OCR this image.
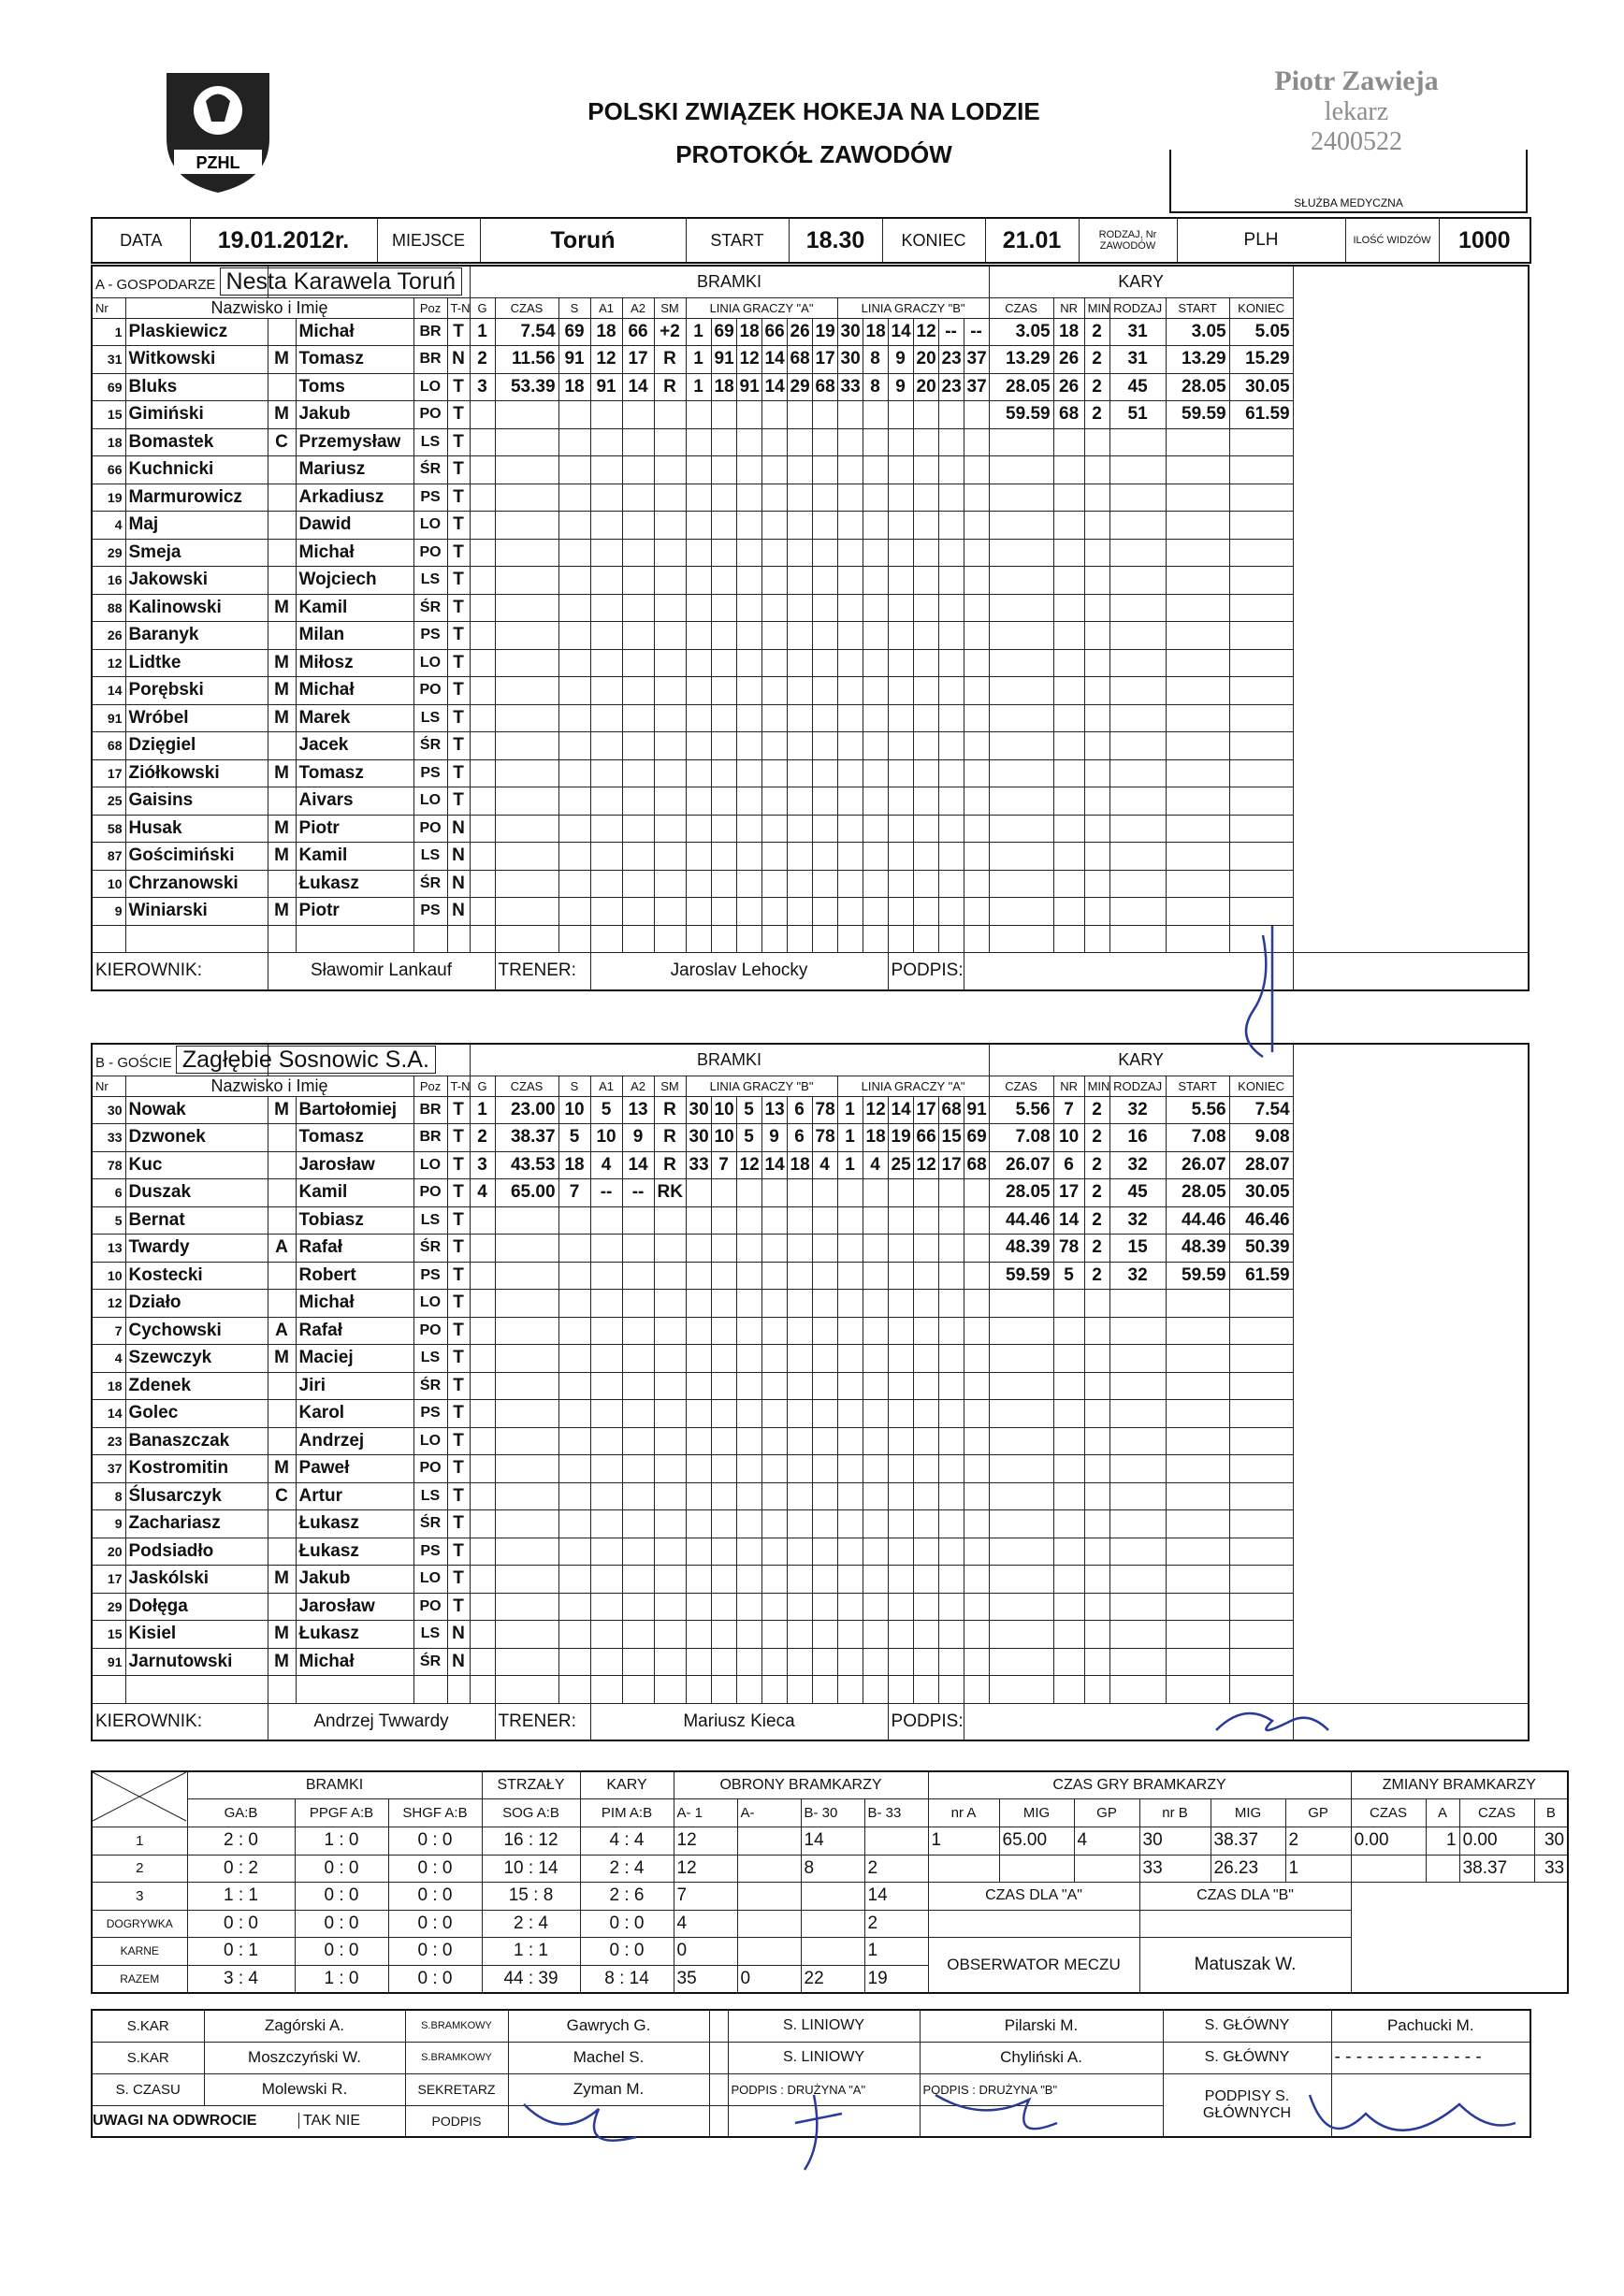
PZHL
POLSKI ZWIĄZEK HOKEJA NA LODZIE
PROTOKÓŁ ZAWODÓW
Piotr Zawieja
lekarz
2400522
SŁUŻBA MEDYCZNA
DATA	19.01.2012r.	MIEJSCE	Toruń	START	18.30	KONIEC	21.01	RODZAJ, Nr ZAWODÓW	PLH	ILOŚĆ WIDZÓW	1000
A - GOSPODARZE Nesta Karawela Toruń						BRAMKI																		KARY						
Nr	Nazwisko i Imię			Poz	T-N	G	CZAS	S	A1	A2	SM	LINIA GRACZY "A"						LINIA GRACZY "B"						CZAS	NR	MIN	RODZAJ	START	KONIEC	
1	Plaskiewicz		Michał	BR	T	1	7.54	69	18	66	+2	1	69	18	66	26	19	30	18	14	12	--	--	3.05	18	2	31	3.05	5.05	
31	Witkowski	M	Tomasz	BR	N	2	11.56	91	12	17	R	1	91	12	14	68	17	30	8	9	20	23	37	13.29	26	2	31	13.29	15.29	
69	Bluks		Toms	LO	T	3	53.39	18	91	14	R	1	18	91	14	29	68	33	8	9	20	23	37	28.05	26	2	45	28.05	30.05	
15	Gimiński	M	Jakub	PO	T																			59.59	68	2	51	59.59	61.59	
18	Bomastek	C	Przemysław	LS	T																									
66	Kuchnicki		Mariusz	ŚR	T																									
19	Marmurowicz		Arkadiusz	PS	T																									
4	Maj		Dawid	LO	T																									
29	Smeja		Michał	PO	T																									
16	Jakowski		Wojciech	LS	T																									
88	Kalinowski	M	Kamil	ŚR	T																									
26	Baranyk		Milan	PS	T																									
12	Lidtke	M	Miłosz	LO	T																									
14	Porębski	M	Michał	PO	T																									
91	Wróbel	M	Marek	LS	T																									
68	Dzięgiel		Jacek	ŚR	T																									
17	Ziółkowski	M	Tomasz	PS	T																									
25	Gaisins		Aivars	LO	T																									
58	Husak	M	Piotr	PO	N																									
87	Gościmiński	M	Kamil	LS	N																									
10	Chrzanowski		Łukasz	ŚR	N																									
9	Winiarski	M	Piotr	PS	N																									

KIEROWNIK:		Sławomir Lankauf					TRENER:		Jaroslav Lehocky											PODPIS:										
B - GOŚCIE Zagłębie Sosnowic S.A.						BRAMKI																		KARY						
Nr	Nazwisko i Imię			Poz	T-N	G	CZAS	S	A1	A2	SM	LINIA GRACZY "B"						LINIA GRACZY "A"						CZAS	NR	MIN	RODZAJ	START	KONIEC	
30	Nowak	M	Bartołomiej	BR	T	1	23.00	10	5	13	R	30	10	5	13	6	78	1	12	14	17	68	91	5.56	7	2	32	5.56	7.54	
33	Dzwonek		Tomasz	BR	T	2	38.37	5	10	9	R	30	10	5	9	6	78	1	18	19	66	15	69	7.08	10	2	16	7.08	9.08	
78	Kuc		Jarosław	LO	T	3	43.53	18	4	14	R	33	7	12	14	18	4	1	4	25	12	17	68	26.07	6	2	32	26.07	28.07	
6	Duszak		Kamil	PO	T	4	65.00	7	--	--	RK													28.05	17	2	45	28.05	30.05	
5	Bernat		Tobiasz	LS	T																			44.46	14	2	32	44.46	46.46	
13	Twardy	A	Rafał	ŚR	T																			48.39	78	2	15	48.39	50.39	
10	Kostecki		Robert	PS	T																			59.59	5	2	32	59.59	61.59	
12	Działo		Michał	LO	T																									
7	Cychowski	A	Rafał	PO	T																									
4	Szewczyk	M	Maciej	LS	T																									
18	Zdenek		Jiri	ŚR	T																									
14	Golec		Karol	PS	T																									
23	Banaszczak		Andrzej	LO	T																									
37	Kostromitin	M	Paweł	PO	T																									
8	Ślusarczyk	C	Artur	LS	T																									
9	Zachariasz		Łukasz	ŚR	T																									
20	Podsiadło		Łukasz	PS	T																									
17	Jaskólski	M	Jakub	LO	T																									
29	Dołęga		Jarosław	PO	T																									
15	Kisiel	M	Łukasz	LS	N																									
91	Jarnutowski	M	Michał	ŚR	N																									

KIEROWNIK:		Andrzej Twwardy					TRENER:		Mariusz Kieca											PODPIS:										
	BRAMKI			STRZAŁY	KARY	OBRONY BRAMKARZY				CZAS GRY BRAMKARZY						ZMIANY BRAMKARZY			
	GA:B	PPGF A:B	SHGF A:B	SOG A:B	PIM A:B	A- 1	A-	B- 30	B- 33	nr A	MIG	GP	nr B	MIG	GP	CZAS	A	CZAS	B
1	2 : 0	1 : 0	0 : 0	16 : 12	4 : 4	12		14		1	65.00	4	30	38.37	2	0.00	1	0.00	30
2	0 : 2	0 : 0	0 : 0	10 : 14	2 : 4	12		8	2				33	26.23	1			38.37	33
3	1 : 1	0 : 0	0 : 0	15 : 8	2 : 6	7			14	CZAS DLA "A"			CZAS DLA "B"						
DOGRYWKA	0 : 0	0 : 0	0 : 0	2 : 4	0 : 0	4			2										
KARNE	0 : 1	0 : 0	0 : 0	1 : 1	0 : 0	0			1	OBSERWATOR MECZU			Matuszak W.						
RAZEM	3 : 4	1 : 0	0 : 0	44 : 39	8 : 14	35	0	22	19										
S.KAR	Zagórski A.	S.BRAMKOWY	Gawrych G.		S. LINIOWY	Pilarski M.	S. GŁÓWNY	Pachucki M.
S.KAR	Moszczyński W.	S.BRAMKOWY	Machel S.		S. LINIOWY	Chyliński A.	S. GŁÓWNY	- - - - - - - - - - - - - -
S. CZASU	Molewski R.	SEKRETARZ	Zyman M.		PODPIS : DRUŻYNA "A"	PODPIS : DRUŻYNA "B"	PODPISY S. GŁÓWNYCH	
UWAGI NA ODWROCIE TAK NIE		PODPIS						
